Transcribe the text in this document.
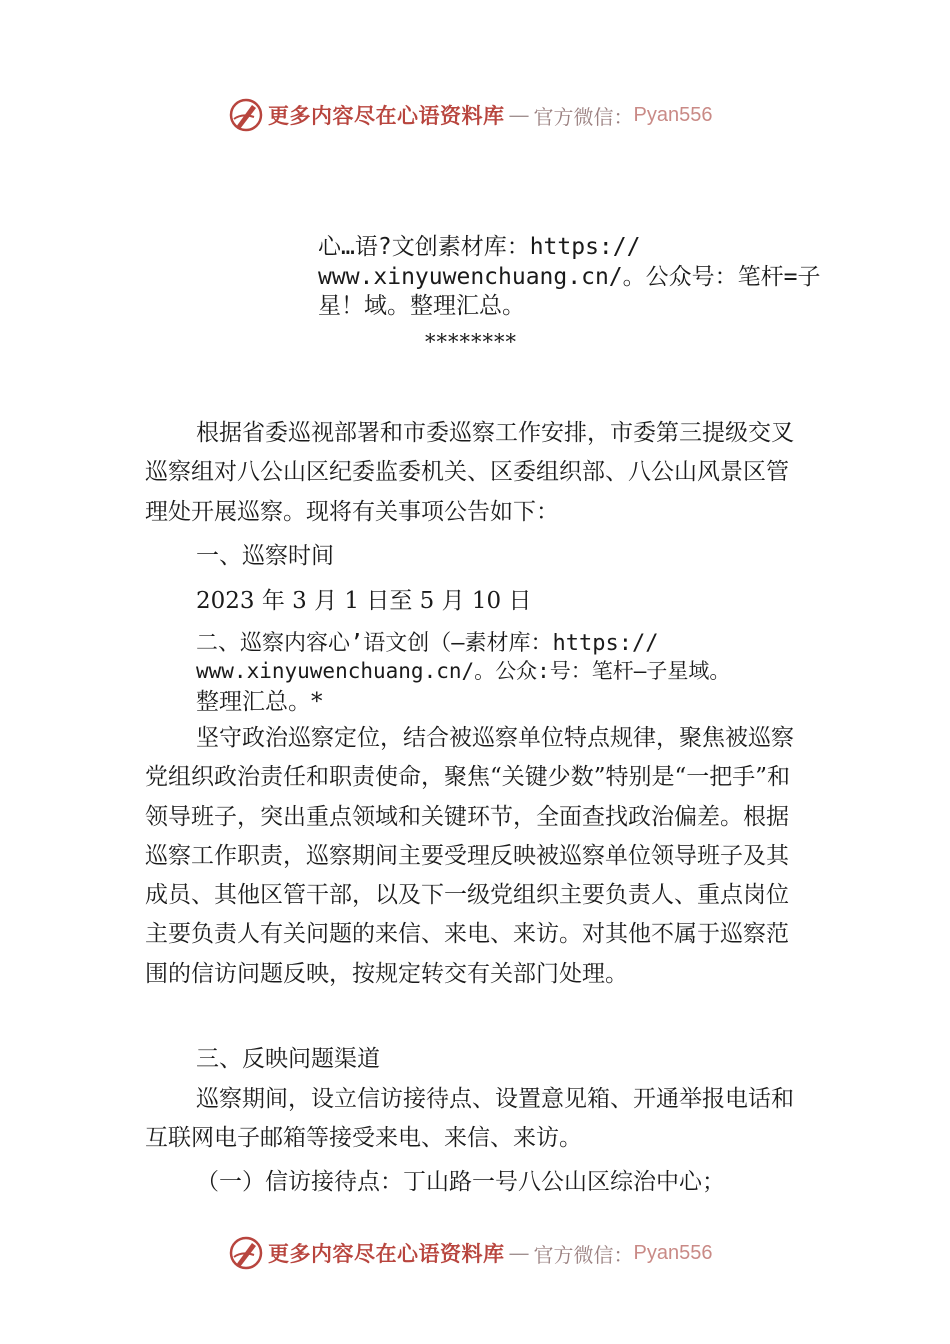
更多内容尽在心语资料库 — 官方微信： Pyan556
心…语?文创素材库：https://
www.xinyuwenchuang.cn/。公众号：笔杆=子
星！域。整理汇总。
********
根据省委巡视部署和市委巡察工作安排，市委第三提级交叉巡察组对八公山区纪委监委机关、区委组织部、八公山风景区管理处开展巡察。现将有关事项公告如下：
一、巡察时间
2023 年 3 月 1 日至 5 月 10 日
二、巡察内容心’语文创（—素材库：https://
www.xinyuwenchuang.cn/。公众:号：笔杆—子星域。
整理汇总。*
坚守政治巡察定位，结合被巡察单位特点规律，聚焦被巡察党组织政治责任和职责使命，聚焦“关键少数”特别是“一把手”和领导班子，突出重点领域和关键环节，全面查找政治偏差。根据巡察工作职责，巡察期间主要受理反映被巡察单位领导班子及其成员、其他区管干部，以及下一级党组织主要负责人、重点岗位主要负责人有关问题的来信、来电、来访。对其他不属于巡察范围的信访问题反映，按规定转交有关部门处理。
三、反映问题渠道
巡察期间，设立信访接待点、设置意见箱、开通举报电话和互联网电子邮箱等接受来电、来信、来访。
（一）信访接待点：丁山路一号八公山区综治中心；
更多内容尽在心语资料库 — 官方微信： Pyan556
